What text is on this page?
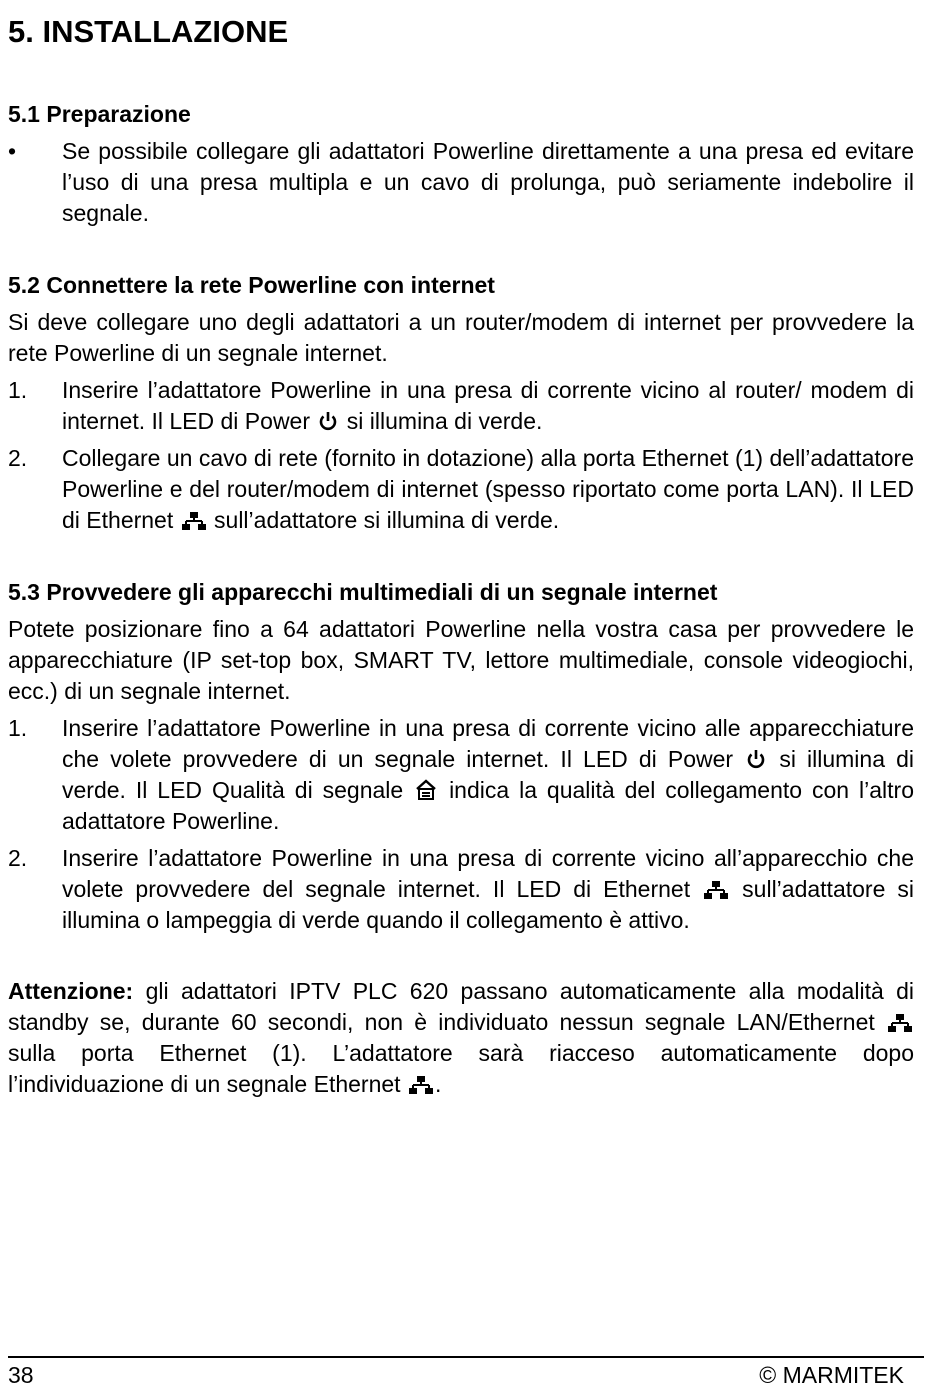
5. INSTALLAZIONE
5.1 Preparazione
•	Se possibile collegare gli adattatori Powerline direttamente a una presa ed evitare l’uso di una presa multipla e un cavo di prolunga, può seriamente indebolire il segnale.

5.2 Connettere la rete Powerline con internet

Si deve collegare uno degli adattatori a un router/modem di internet per provvedere la rete Powerline di un segnale internet.

1.	Inserire l’adattatore Powerline in una presa di corrente vicino al router/ modem di internet. Il LED di Power si illumina di verde.

2.	Collegare un cavo di rete (fornito in dotazione) alla porta Ethernet (1) dell’adattatore Powerline e del router/modem di internet (spesso riportato come porta LAN). Il LED di Ethernet sull’adattatore si illumina di verde.

5.3 Provvedere gli apparecchi multimediali di un segnale internet

Potete posizionare fino a 64 adattatori Powerline nella vostra casa per provvedere le apparecchiature (IP set-top box, SMART TV, lettore multimediale, console videogiochi, ecc.) di un segnale internet.

1.	Inserire l’adattatore Powerline in una presa di corrente vicino alle apparecchiature che volete provvedere di un segnale internet. Il LED di Power si illumina di verde. Il LED Qualità di segnale indica la qualità del collegamento con l’altro adattatore Powerline.

2.	Inserire l’adattatore Powerline in una presa di corrente vicino all’apparecchio che volete provvedere del segnale internet. Il LED di Ethernet sull’adattatore si illumina o lampeggia di verde quando il collegamento è attivo.

Attenzione: gli adattatori IPTV PLC 620 passano automaticamente alla modalità di standby se, durante 60 secondi, non è individuato nessun segnale LAN/Ethernet
sulla porta Ethernet (1). L’adattatore sarà riacceso automaticamente dopo l’individuazione di un segnale Ethernet .

38	© MARMITEK
